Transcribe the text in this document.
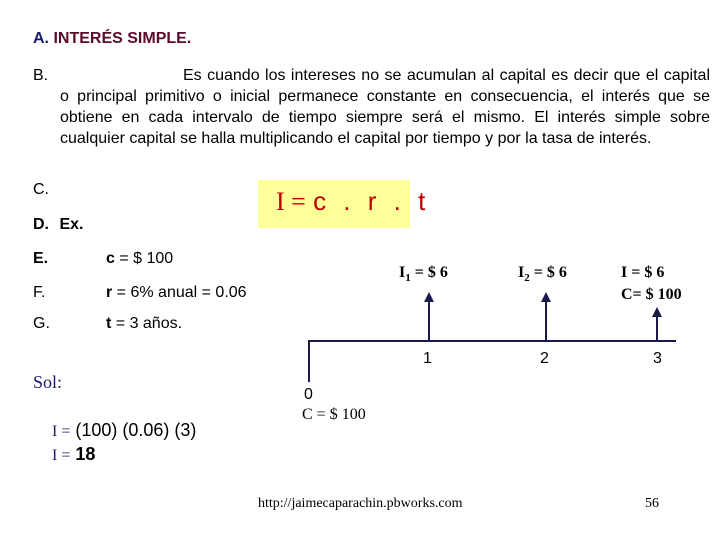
A. INTERÉS SIMPLE.
B.	Es cuando los intereses no se acumulan al capital es decir que el capital o principal primitivo o inicial permanece constante en consecuencia, el interés que se obtiene en cada intervalo de tiempo siempre será el mismo. El interés simple sobre cualquier capital se halla multiplicando el capital por tiempo y por la tasa de interés.
C.	I = c . r . t
D. Ex.
E.	c = $ 100
F.	r = 6% anual = 0.06
G.	t = 3 años.
Sol:
I = (100) (0.06) (3)
I = 18
$I_1$ = $ 6	$I_2$ = $ 6	I = $ 6
C= $ 100
1	2	3
0
C = $ 100
http://jaimecaparachin.pbworks.com	56
